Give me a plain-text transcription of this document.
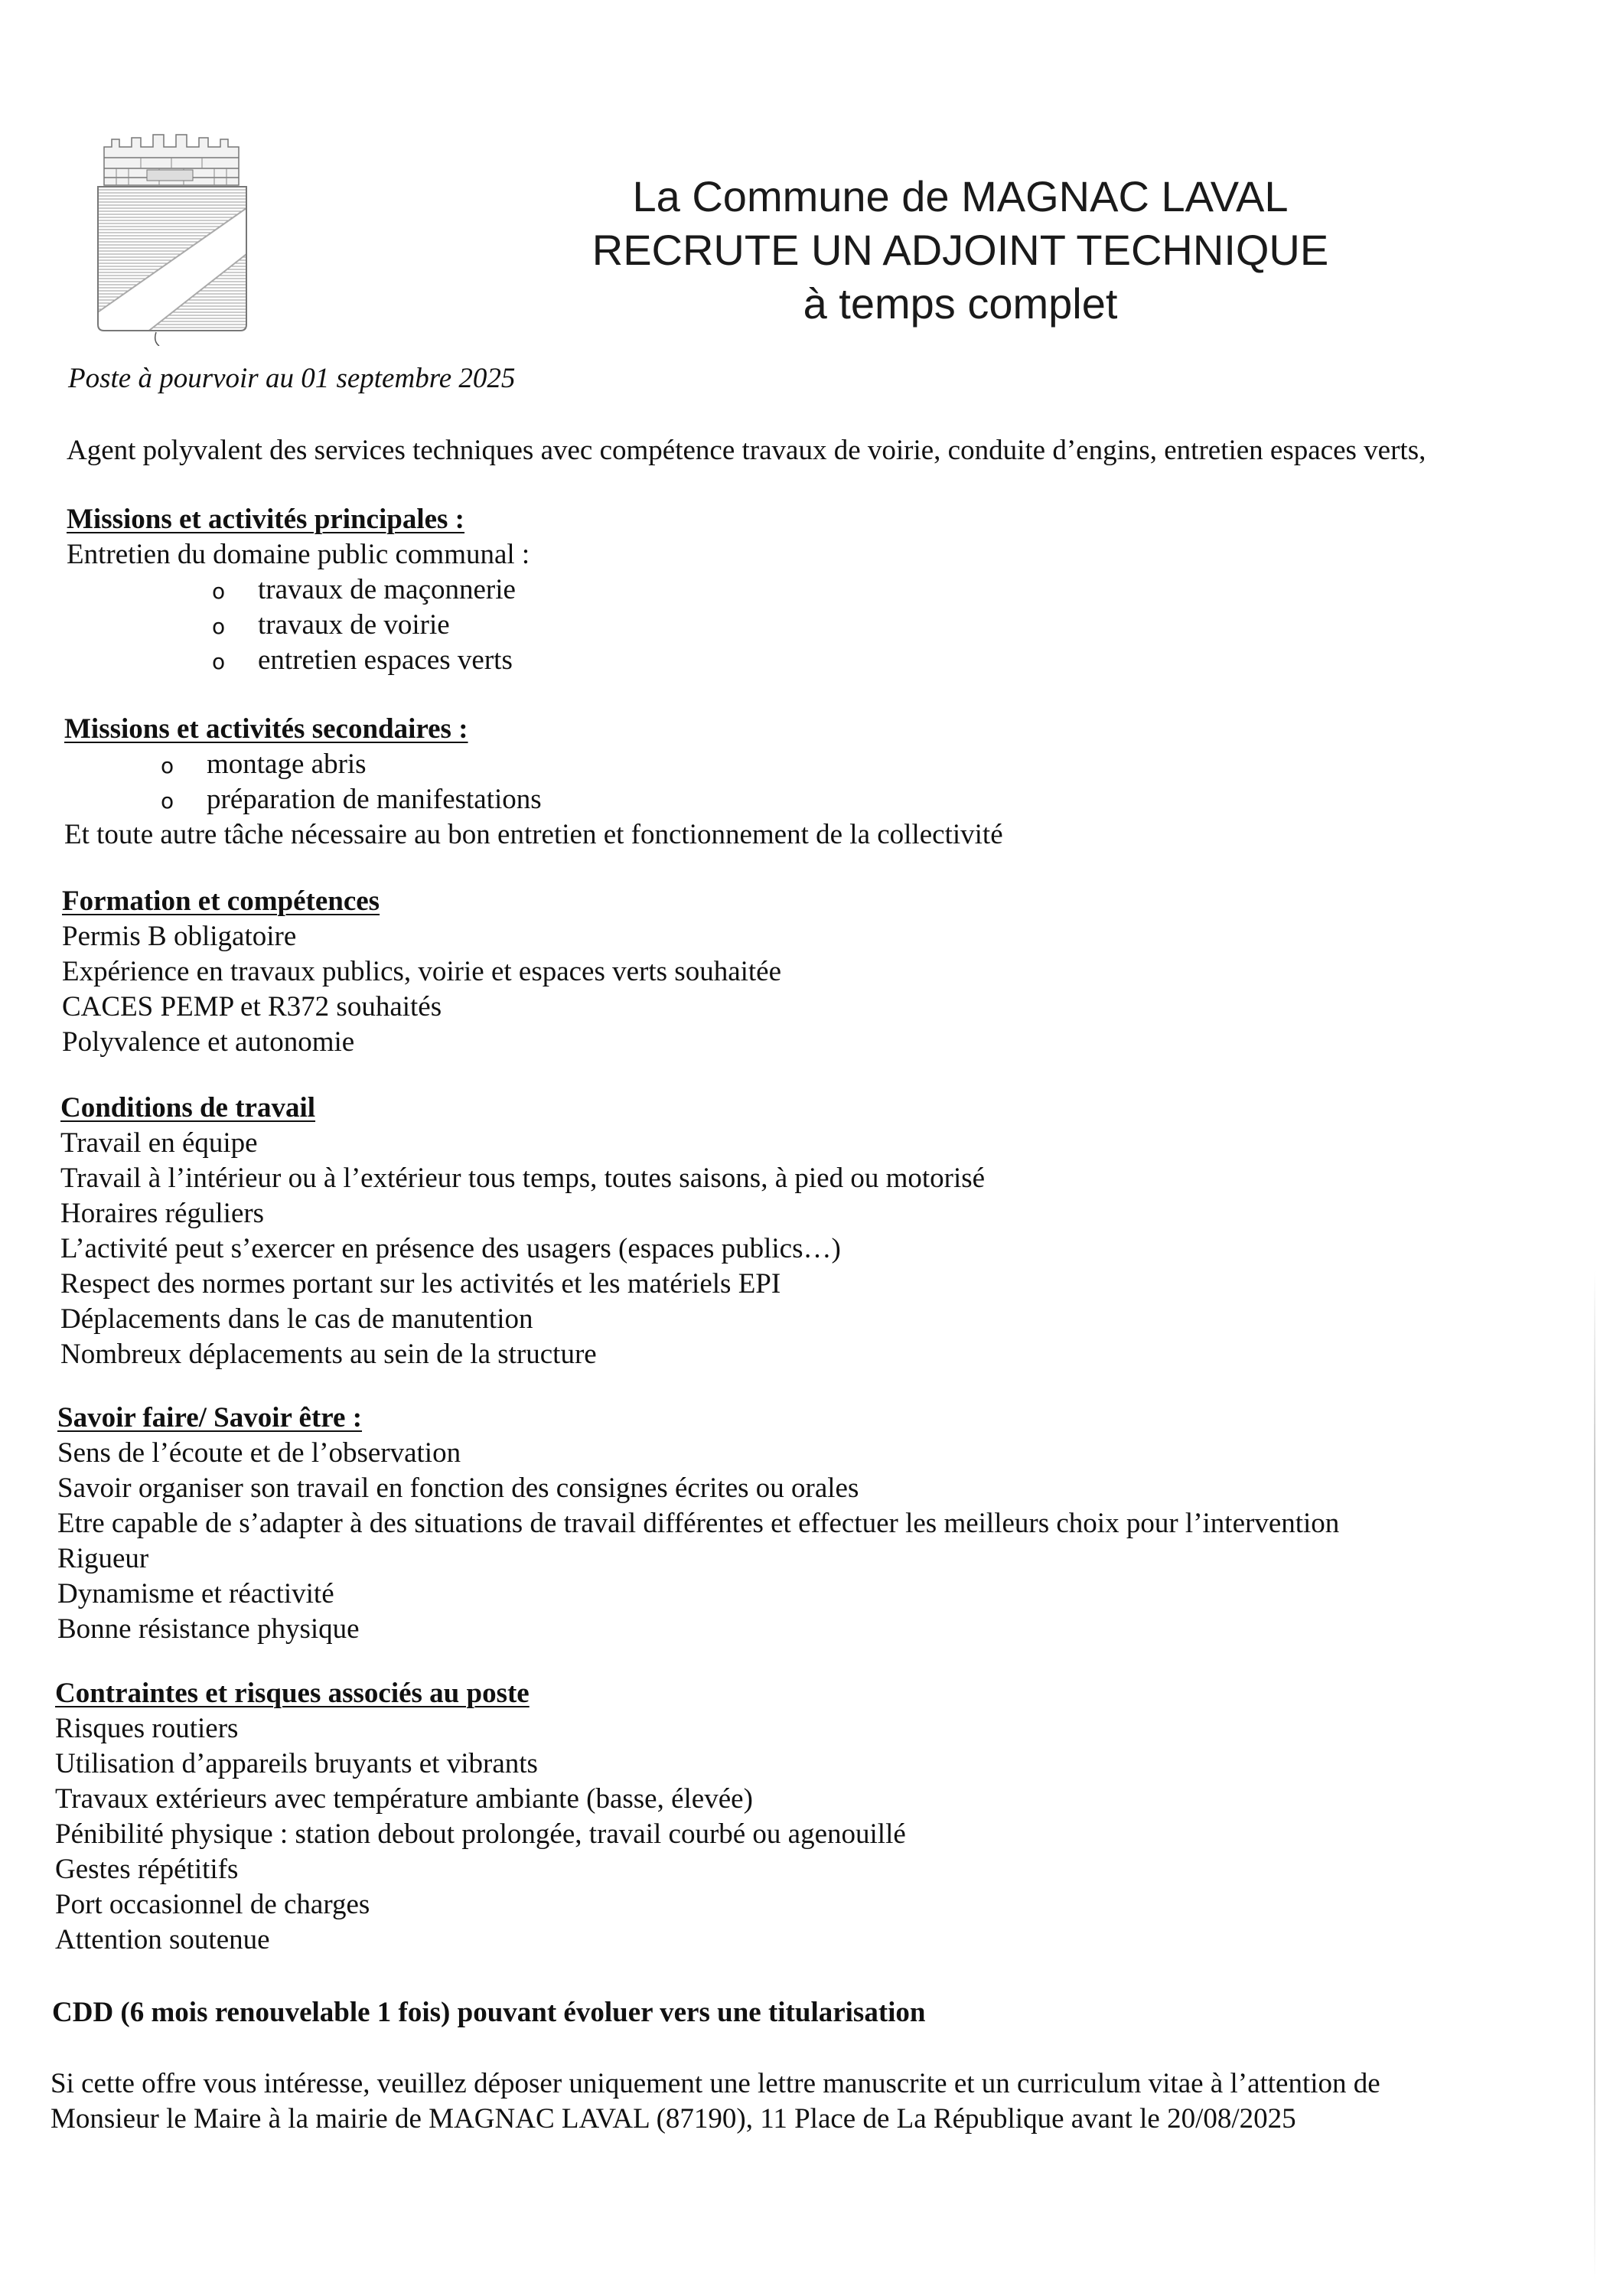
La Commune de MAGNAC LAVAL
RECRUTE UN ADJOINT TECHNIQUE
à temps complet
Poste à pourvoir au 01 septembre 2025
Agent polyvalent des services techniques avec compétence travaux de voirie, conduite d’engins, entretien espaces verts,
Missions et activités principales :
Entretien du domaine public communal :
o travaux de maçonnerie
o travaux de voirie
o entretien espaces verts
Missions et activités secondaires :
o montage abris
o préparation de manifestations
Et toute autre tâche nécessaire au bon entretien et fonctionnement de la collectivité
Formation et compétences
Permis B obligatoire
Expérience en travaux publics, voirie et espaces verts souhaitée
CACES PEMP et R372 souhaités
Polyvalence et autonomie
Conditions de travail
Travail en équipe
Travail à l’intérieur ou à l’extérieur tous temps, toutes saisons, à pied ou motorisé
Horaires réguliers
L’activité peut s’exercer en présence des usagers (espaces publics…)
Respect des normes portant sur les activités et les matériels EPI
Déplacements dans le cas de manutention
Nombreux déplacements au sein de la structure
Savoir faire/ Savoir être :
Sens de l’écoute et de l’observation
Savoir organiser son travail en fonction des consignes écrites ou orales
Etre capable de s’adapter à des situations de travail différentes et effectuer les meilleurs choix pour l’intervention
Rigueur
Dynamisme et réactivité
Bonne résistance physique
Contraintes et risques associés au poste
Risques routiers
Utilisation d’appareils bruyants et vibrants
Travaux extérieurs avec température ambiante (basse, élevée)
Pénibilité physique : station debout prolongée, travail courbé ou agenouillé
Gestes répétitifs
Port occasionnel de charges
Attention soutenue
CDD (6 mois renouvelable 1 fois) pouvant évoluer vers une titularisation
Si cette offre vous intéresse, veuillez déposer uniquement une lettre manuscrite et un curriculum vitae à l’attention de
Monsieur le Maire à la mairie de MAGNAC LAVAL (87190), 11 Place de La République avant le 20/08/2025
